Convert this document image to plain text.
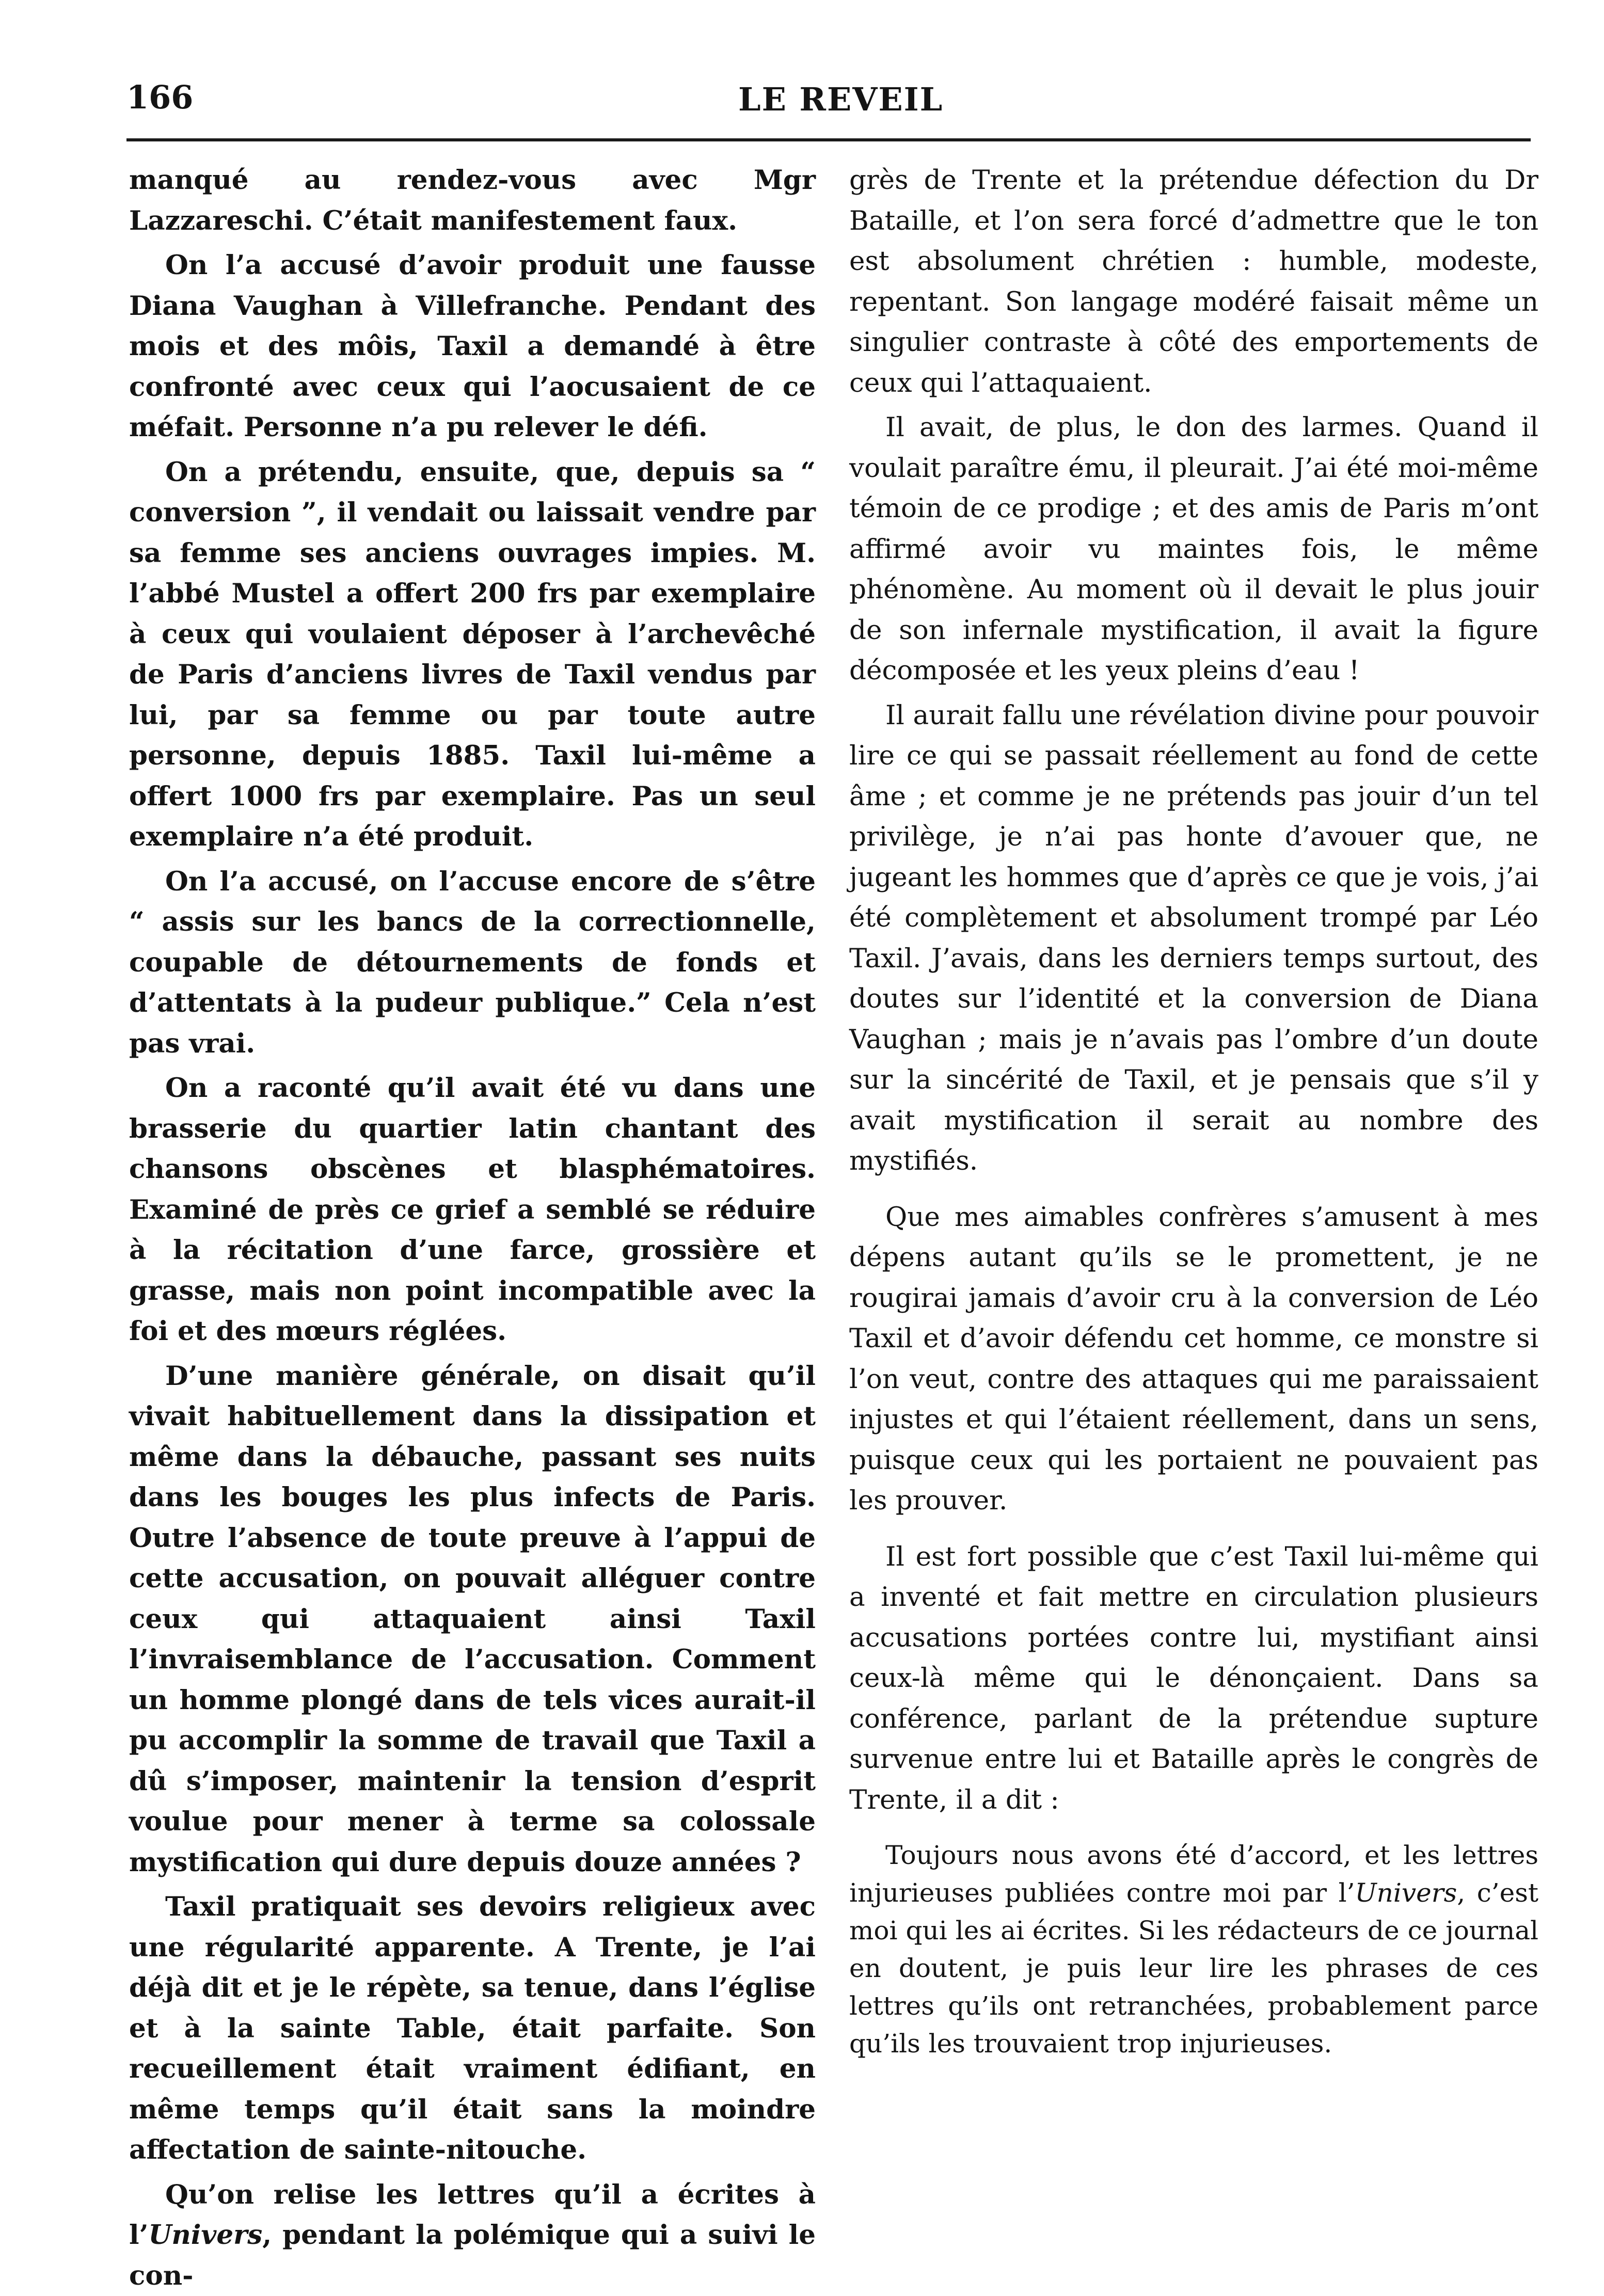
166	LE REVEIL

manqué au rendez-vous avec Mgr Lazzareschi. C’était manifestement faux.

On l’a accusé d’avoir produit une fausse Diana Vaughan à Villefranche. Pendant des mois et des môis, Taxil a demandé à être confronté avec ceux qui l’aocusaient de ce méfait. Personne n’a pu relever le défi.

On a prétendu, ensuite, que, depuis sa “ conversion ”, il vendait ou laissait vendre par sa femme ses anciens ouvrages impies. M. l’abbé Mustel a offert 200 frs par exemplaire à ceux qui voulaient déposer à l’archevêché de Paris d’anciens livres de Taxil vendus par lui, par sa femme ou par toute autre personne, depuis 1885. Taxil lui-même a offert 1000 frs par exemplaire. Pas un seul exemplaire n’a été produit.

On l’a accusé, on l’accuse encore de s’être “ assis sur les bancs de la correctionnelle, coupable de détournements de fonds et d’attentats à la pudeur publique.” Cela n’est pas vrai.

On a raconté qu’il avait été vu dans une brasserie du quartier latin chantant des chansons obscènes et blasphématoires. Examiné de près ce grief a semblé se réduire à la récitation d’une farce, grossière et grasse, mais non point incompatible avec la foi et des mœurs réglées.

D’une manière générale, on disait qu’il vivait habituellement dans la dissipation et même dans la débauche, passant ses nuits dans les bouges les plus infects de Paris. Outre l’absence de toute preuve à l’appui de cette accusation, on pouvait alléguer contre ceux qui attaquaient ainsi Taxil l’invraisemblance de l’accusation. Comment un homme plongé dans de tels vices aurait-il pu accomplir la somme de travail que Taxil a dû s’imposer, maintenir la tension d’esprit voulue pour mener à terme sa colossale mystification qui dure depuis douze années ?

Taxil pratiquait ses devoirs religieux avec une régularité apparente. A Trente, je l’ai déjà dit et je le répète, sa tenue, dans l’église et à la sainte Table, était parfaite. Son recueillement était vraiment édifiant, en même temps qu’il était sans la moindre affectation de sainte-nitouche.

Qu’on relise les lettres qu’il a écrites à l’Univers, pendant la polémique qui a suivi le con-

grès de Trente et la prétendue défection du Dr Bataille, et l’on sera forcé d’admettre que le ton est absolument chrétien : humble, modeste, repentant. Son langage modéré faisait même un singulier contraste à côté des emportements de ceux qui l’attaquaient.

Il avait, de plus, le don des larmes. Quand il voulait paraître ému, il pleurait. J’ai été moi-même témoin de ce prodige ; et des amis de Paris m’ont affirmé avoir vu maintes fois, le même phénomène. Au moment où il devait le plus jouir de son infernale mystification, il avait la figure décomposée et les yeux pleins d’eau !

Il aurait fallu une révélation divine pour pouvoir lire ce qui se passait réellement au fond de cette âme ; et comme je ne prétends pas jouir d’un tel privilège, je n’ai pas honte d’avouer que, ne jugeant les hommes que d’après ce que je vois, j’ai été complètement et absolument trompé par Léo Taxil. J’avais, dans les derniers temps surtout, des doutes sur l’identité et la conversion de Diana Vaughan ; mais je n’avais pas l’ombre d’un doute sur la sincérité de Taxil, et je pensais que s’il y avait mystification il serait au nombre des mystifiés.

Que mes aimables confrères s’amusent à mes dépens autant qu’ils se le promettent, je ne rougirai jamais d’avoir cru à la conversion de Léo Taxil et d’avoir défendu cet homme, ce monstre si l’on veut, contre des attaques qui me paraissaient injustes et qui l’étaient réellement, dans un sens, puisque ceux qui les portaient ne pouvaient pas les prouver.

Il est fort possible que c’est Taxil lui-même qui a inventé et fait mettre en circulation plusieurs accusations portées contre lui, mystifiant ainsi ceux-là même qui le dénonçaient. Dans sa conférence, parlant de la prétendue supture survenue entre lui et Bataille après le congrès de Trente, il a dit :

Toujours nous avons été d’accord, et les lettres injurieuses publiées contre moi par l’Univers, c’est moi qui les ai écrites. Si les rédacteurs de ce journal en doutent, je puis leur lire les phrases de ces lettres qu’ils ont retranchées, probablement parce qu’ils les trouvaient trop injurieuses.
